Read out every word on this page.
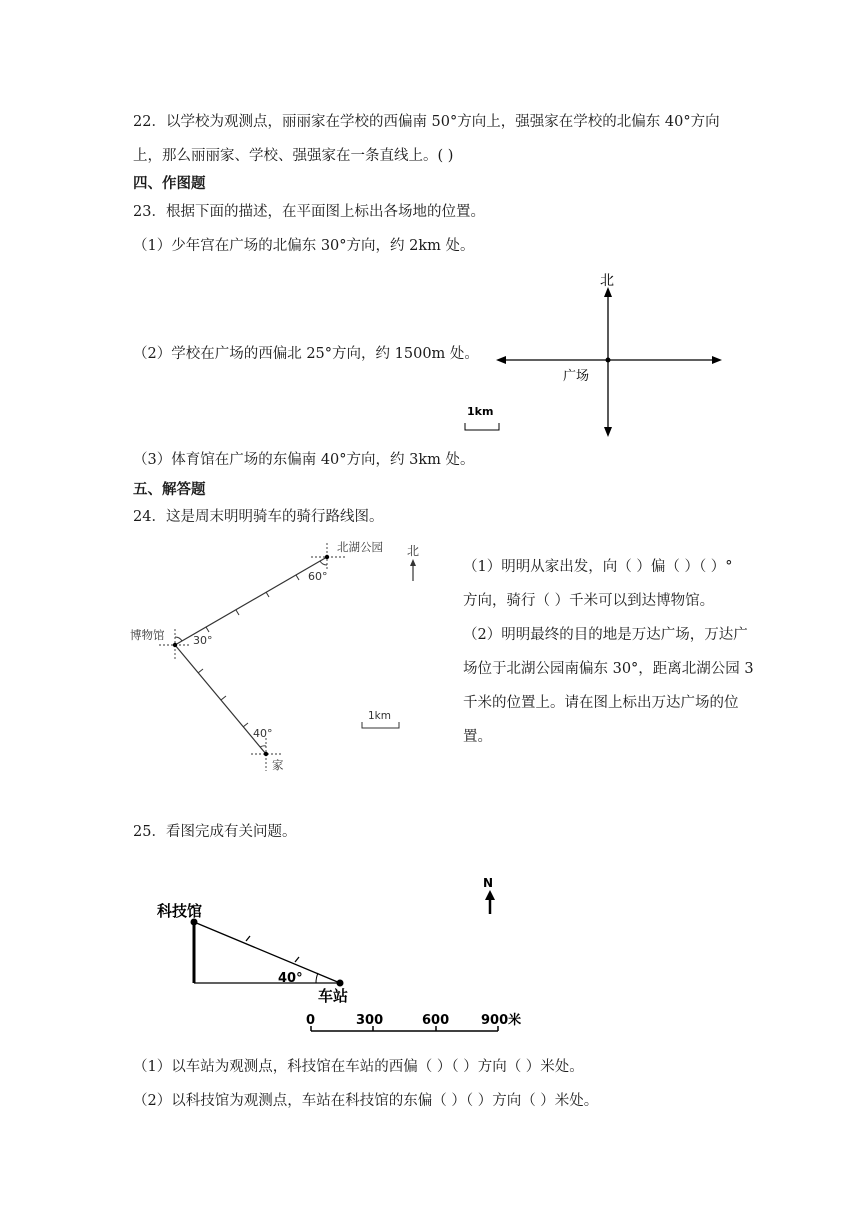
22．以学校为观测点，丽丽家在学校的西偏南 50°方向上，强强家在学校的北偏东 40°方向
上，那么丽丽家、学校、强强家在一条直线上。( )
四、作图题
23．根据下面的描述，在平面图上标出各场地的位置。
（1）少年宫在广场的北偏东 30°方向，约 2km 处。
（2）学校在广场的西偏北 25°方向，约 1500m 处。
（3）体育馆在广场的东偏南 40°方向，约 3km 处。
北
广场
1km
五、解答题
24．这是周末明明骑车的骑行路线图。
北湖公园 北
60°
博物馆	30°
40°
家
1km
（1）明明从家出发，向（ ）偏（ ）（ ）°
方向，骑行（ ）千米可以到达博物馆。
（2）明明最终的目的地是万达广场，万达广
场位于北湖公园南偏东 30°，距离北湖公园 3
千米的位置上。请在图上标出万达广场的位
置。
25．看图完成有关问题。
科技馆
40°
车站
N
0	300	600 900米
（1）以车站为观测点，科技馆在车站的西偏（ ）（ ）方向（ ）米处。
（2）以科技馆为观测点，车站在科技馆的东偏（ ）（ ）方向（ ）米处。
